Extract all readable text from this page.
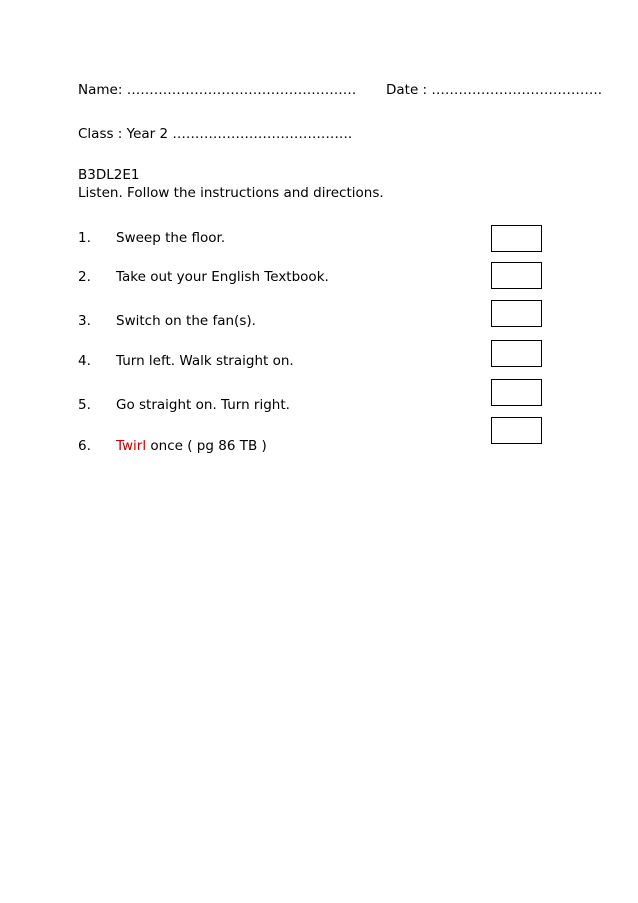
Name: …………………………………………… Date : ………………………………..
Class : Year 2 ………………………………….
B3DL2E1
Listen. Follow the instructions and directions.
1. Sweep the floor.
2. Take out your English Textbook.
3. Switch on the fan(s).
4. Turn left. Walk straight on.
5. Go straight on. Turn right.
6. Twirl once ( pg 86 TB )
